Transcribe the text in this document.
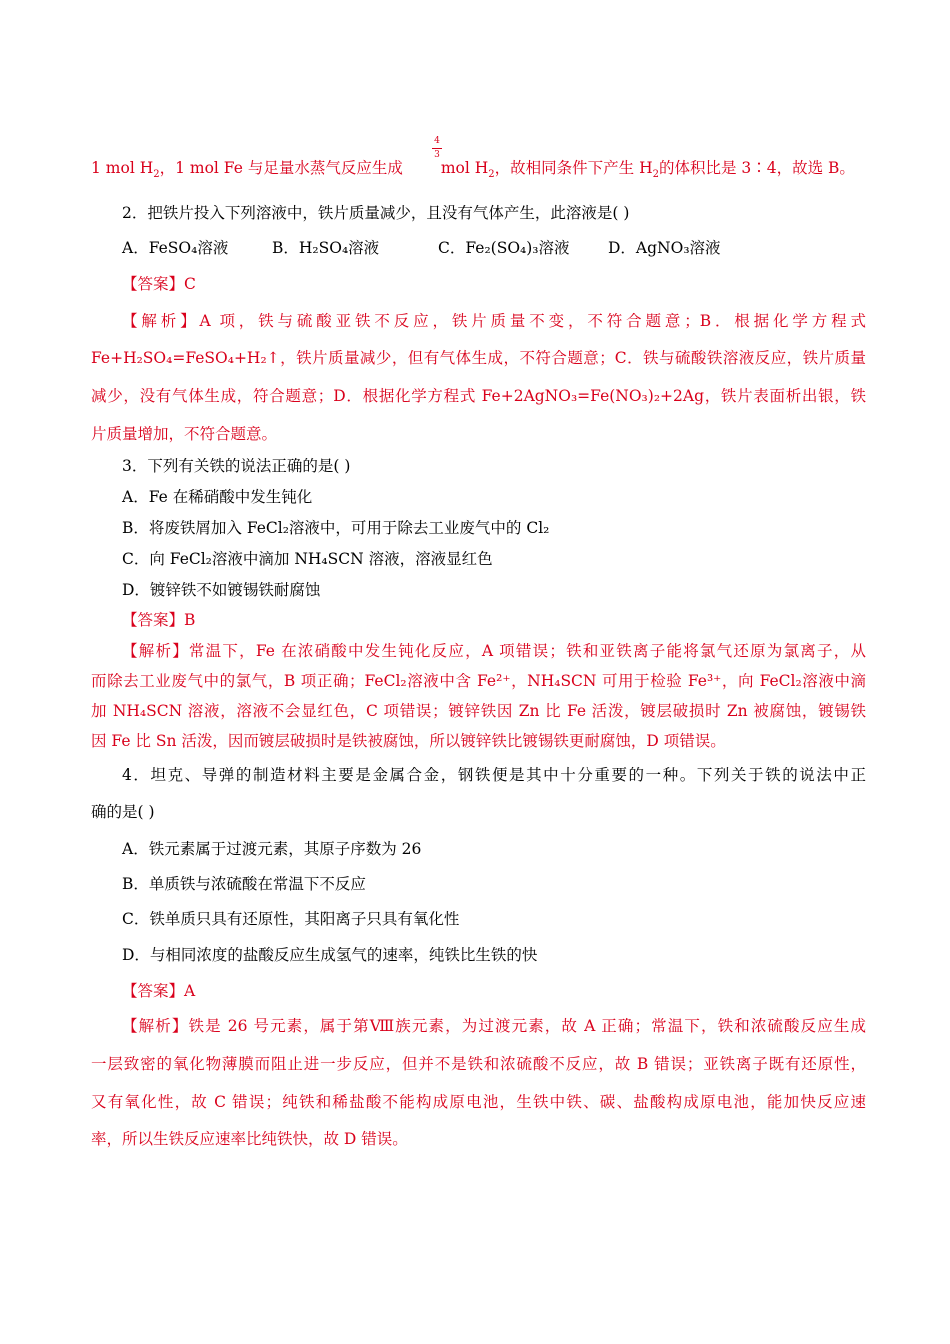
4
3
1 mol $H_2$，1 mol Fe 与足量水蒸气反应生成 mol $H_2$，故相同条件下产生 $H_2$的体积比是 3∶4，故选 B。
2．把铁片投入下列溶液中，铁片质量减少，且没有气体产生，此溶液是( )
A．FeSO₄溶液	B．H₂SO₄溶液	C．Fe₂(SO₄)₃溶液 D．AgNO₃溶液
【答案】C
【解析】A 项，铁与硫酸亚铁不反应，铁片质量不变，不符合题意；B．根据化学方程式
Fe+H₂SO₄=FeSO₄+H₂↑，铁片质量减少，但有气体生成，不符合题意；C．铁与硫酸铁溶液反应，铁片质量
减少，没有气体生成，符合题意；D．根据化学方程式 Fe+2AgNO₃=Fe(NO₃)₂+2Ag，铁片表面析出银，铁
片质量增加，不符合题意。
3．下列有关铁的说法正确的是( )
A．Fe 在稀硝酸中发生钝化
B．将废铁屑加入 FeCl₂溶液中，可用于除去工业废气中的 Cl₂
C．向 FeCl₂溶液中滴加 NH₄SCN 溶液，溶液显红色
D．镀锌铁不如镀锡铁耐腐蚀
【答案】B
【解析】常温下，Fe 在浓硝酸中发生钝化反应，A 项错误；铁和亚铁离子能将氯气还原为氯离子，从
而除去工业废气中的氯气，B 项正确；FeCl₂溶液中含 Fe²⁺，NH₄SCN 可用于检验 Fe³⁺，向 FeCl₂溶液中滴
加 NH₄SCN 溶液，溶液不会显红色，C 项错误；镀锌铁因 Zn 比 Fe 活泼，镀层破损时 Zn 被腐蚀，镀锡铁
因 Fe 比 Sn 活泼，因而镀层破损时是铁被腐蚀，所以镀锌铁比镀锡铁更耐腐蚀，D 项错误。
4．坦克、导弹的制造材料主要是金属合金，钢铁便是其中十分重要的一种。下列关于铁的说法中正
确的是( )
A．铁元素属于过渡元素，其原子序数为 26
B．单质铁与浓硫酸在常温下不反应
C．铁单质只具有还原性，其阳离子只具有氧化性
D．与相同浓度的盐酸反应生成氢气的速率，纯铁比生铁的快
【答案】A
【解析】铁是 26 号元素，属于第Ⅷ族元素，为过渡元素，故 A 正确；常温下，铁和浓硫酸反应生成
一层致密的氧化物薄膜而阻止进一步反应，但并不是铁和浓硫酸不反应，故 B 错误；亚铁离子既有还原性，
又有氧化性，故 C 错误；纯铁和稀盐酸不能构成原电池，生铁中铁、碳、盐酸构成原电池，能加快反应速
率，所以生铁反应速率比纯铁快，故 D 错误。
